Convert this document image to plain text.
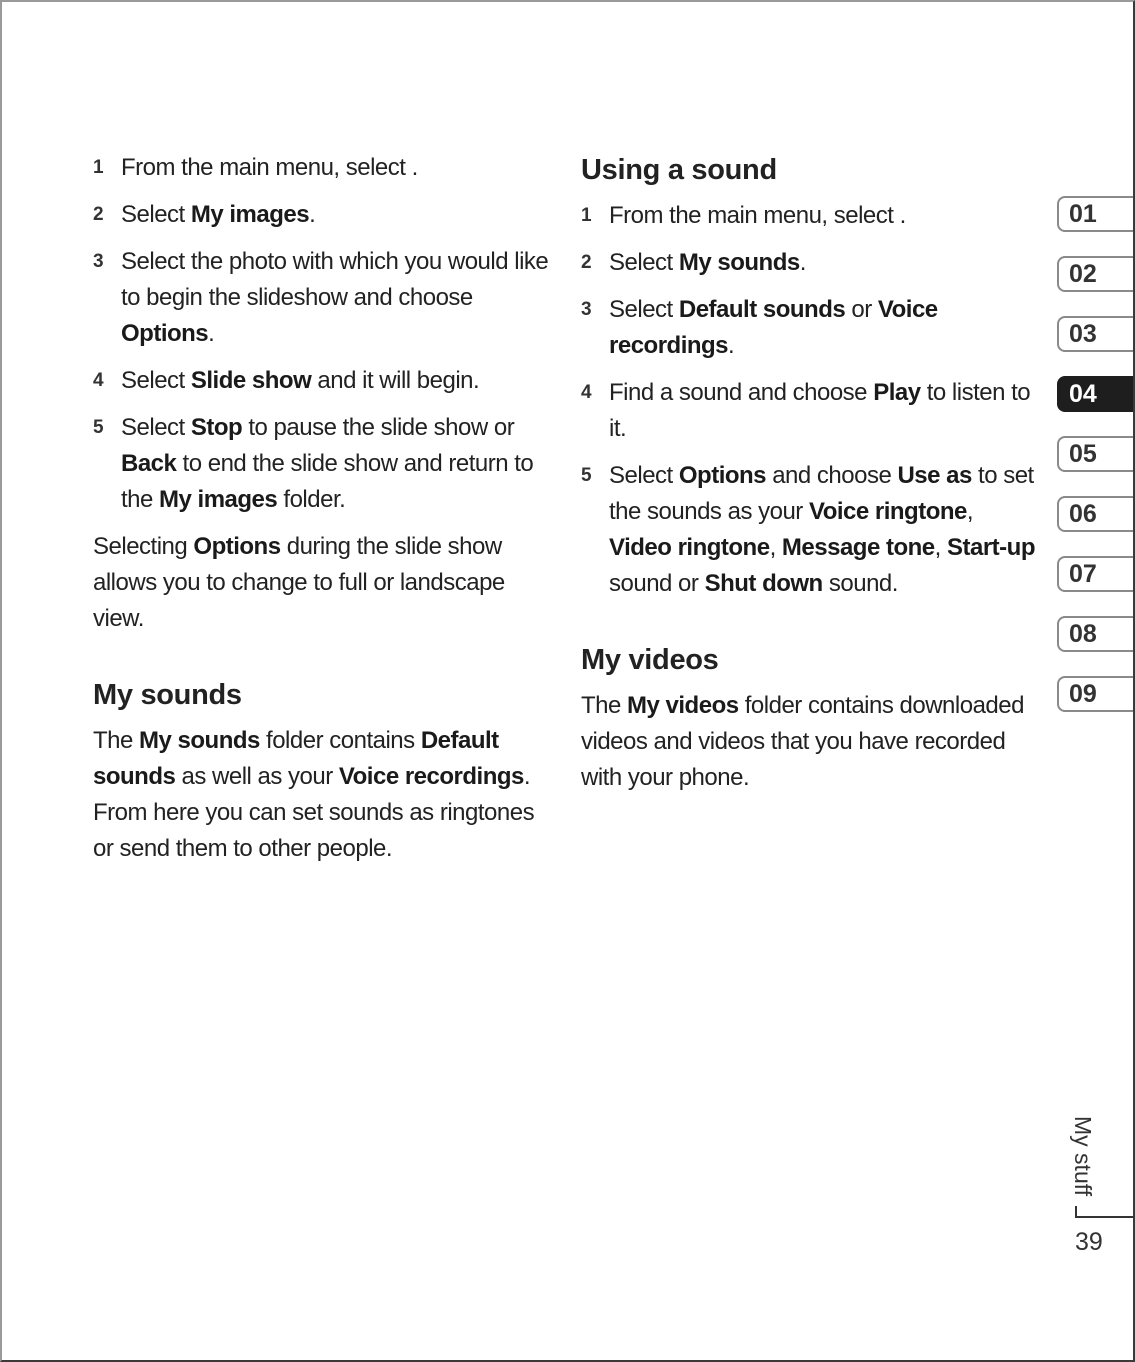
1 From the main menu, select .
2 Select My images.
3 Select the photo with which you would like to begin the slideshow and choose Options.
4 Select Slide show and it will begin.
5 Select Stop to pause the slide show or Back to end the slide show and return to the My images folder.
Selecting Options during the slide show allows you to change to full or landscape view.
My sounds
The My sounds folder contains Default sounds as well as your Voice recordings. From here you can set sounds as ringtones or send them to other people.
Using a sound
1 From the main menu, select .
2 Select My sounds.
3 Select Default sounds or Voice recordings.
4 Find a sound and choose Play to listen to it.
5 Select Options and choose Use as to set the sounds as your Voice ringtone, Video ringtone, Message tone, Start-up sound or Shut down sound.
My videos
The My videos folder contains downloaded videos and videos that you have recorded with your phone.
01
02
03
04
05
06
07
08
09
My stuff
39
